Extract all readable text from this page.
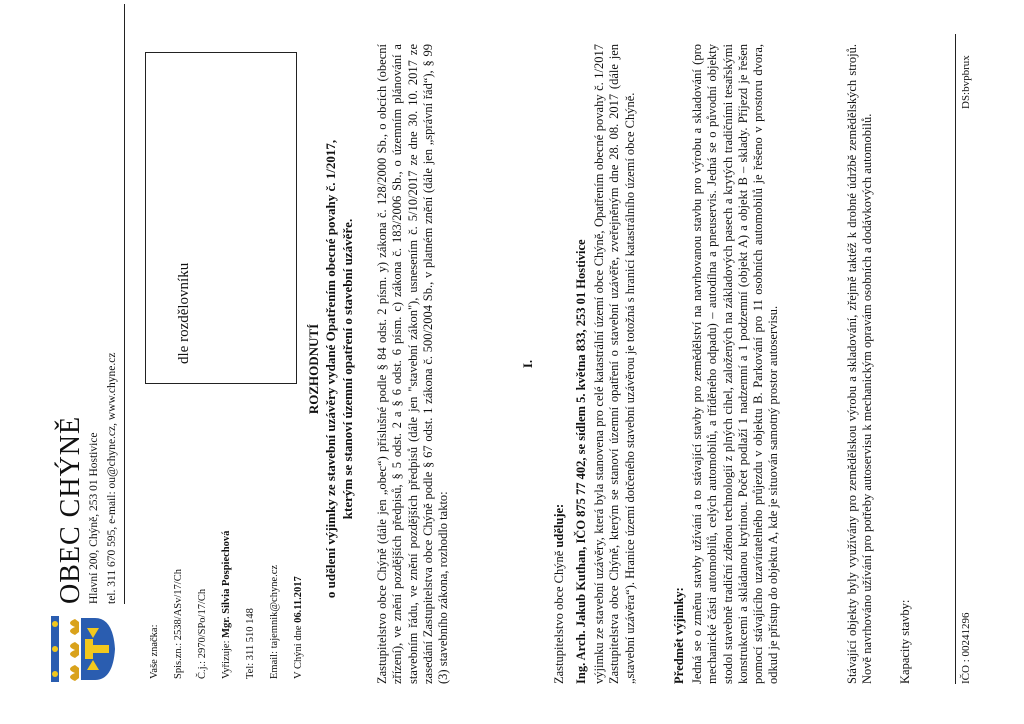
OBEC CHÝNĚ Hlavní 200, Chýně, 253 01 Hostivice tel. 311 670 595, e-mail: ou@chyne.cz, www.chyne.cz
Vaše značka:	Spis.zn.: 2538/ASv/17/Ch	Č.j.: 2970/SPo/17/Ch	Vyřizuje: Mgr. Silvia Pospiechová
Tel: 311 510 148	Email: tajemnik@chyne.cz	V Chýni dne 06.11.2017
dle rozdělovníku
ROZHODNUTÍ o udělení výjimky ze stavební uzávěry vydané Opatřením obecné povahy č. 1/2017, kterým se stanoví územní opatření o stavební uzávěře. Zastupitelstvo obce Chýně (dále jen „obec“) příslušné podle § 84 odst. 2 písm. y) zákona č. 128/2000 Sb., o obcích (obecní zřízení), ve znění pozdějších předpisů, § 5 odst. 2 a § 6 odst. 6 písm. c) zákona č. 183/2006 Sb., o územním plánování a stavebním řádu, ve znění pozdějších předpisů (dále jen "stavební zákon"), usnesením č. 5/10/2017 ze dne 30. 10. 2017 ze zasedání Zastupitelstva obce Chýně podle § 67 odst. 1 zákona č. 500/2004 Sb., v platném znění (dále jen „správní řád“), § 99 (3) stavebního zákona, rozhodlo takto:
I.
Zastupitelstvo obce Chýně uděluje: Ing. Arch. Jakub Kuthan, IČO 875 77 402, se sídlem 5. května 833, 253 01 Hostivice výjimku ze stavební uzávěry, která byla stanovena pro celé katastrální území obce Chýně, Opatřením obecné povahy č. 1/2017 Zastupitelstva obce Chýně, kterým se stanoví územní opatření o stavební uzávěře, zveřejněným dne 28. 08. 2017 (dále jen „stavební uzávěra“). Hranice území dotčeného stavební uzávěrou je totožná s hranicí katastrálního území obce Chýně.	Předmět výjimky: Jedná se o změnu stavby užívání a to stávající stavby pro zemědělství na navrhovanou stavbu pro výrobu a skladování (pro mechanické části automobilů, celých automobilů, a tříděného odpadu) – autodílna a pneuservis. Jedná se o původní objekty stodol stavebně tradiční zděnou technologií z plných cihel, založených na základových pasech a krytých tradičními tesařskými konstrukcemi a skládanou krytinou. Počet podlaží 1 nadzemní a 1 podzemní (objekt A) a objekt B – sklady. Příjezd je řešen pomocí stávajícího uzavíratelného průjezdu v objektu B. Parkování pro 11 osobních automobilů je řešeno v prostoru dvora, odkud je přístup do objektu A, kde je situován samotný prostor autoservisu.	Stávající objekty byly využívány pro zemědělskou výrobu a skladování, zřejmě taktéž k drobné údržbě zemědělských strojů. Nově navrhováno užívání pro potřeby autoservisu k mechanickým opravám osobních a dodávkových automobilů. Kapacity stavby:	IČO : 00241296
DS:bvpbrux
